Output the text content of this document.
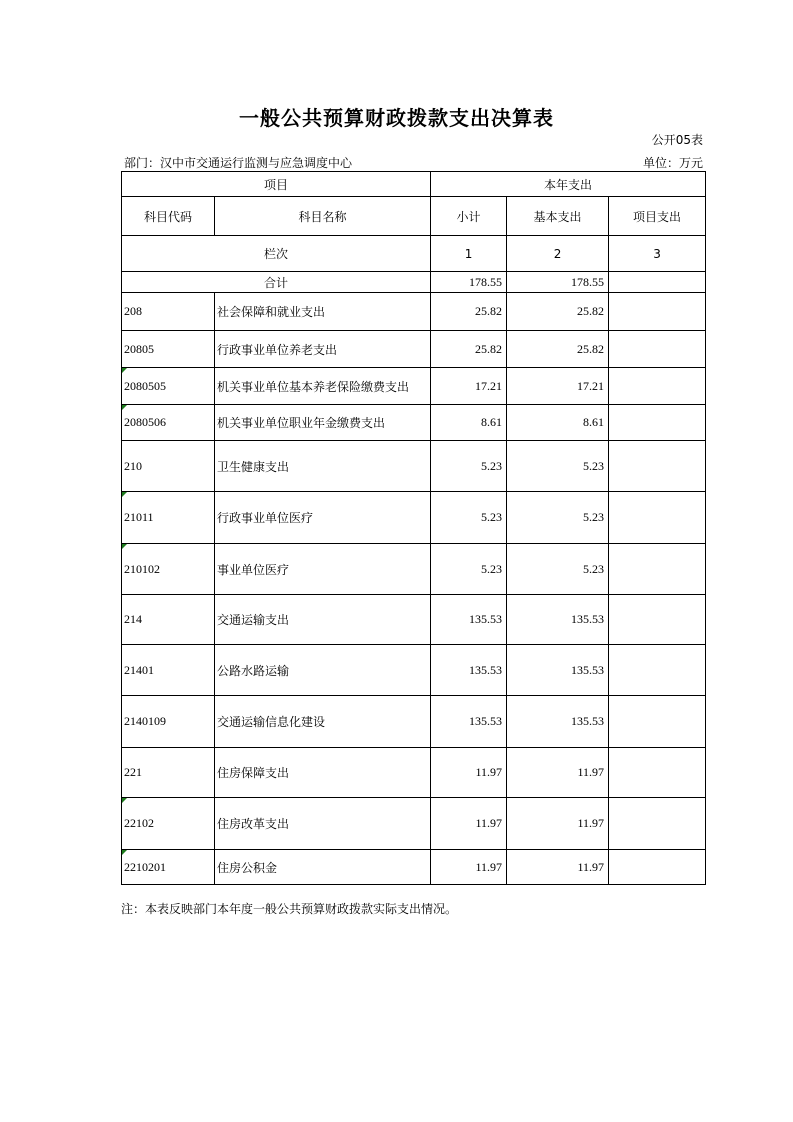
一般公共预算财政拨款支出决算表
公开05表
部门：汉中市交通运行监测与应急调度中心	单位：万元
项目		本年支出		
科目代码	科目名称	小计	基本支出	项目支出
栏次		1	2	3
合计		178.55	178.55	
208	社会保障和就业支出	25.82	25.82	
20805	行政事业单位养老支出	25.82	25.82	
2080505	机关事业单位基本养老保险缴费支出	17.21	17.21	
2080506	机关事业单位职业年金缴费支出	8.61	8.61	
210	卫生健康支出	5.23	5.23	
21011	行政事业单位医疗	5.23	5.23	
210102	事业单位医疗	5.23	5.23	
214	交通运输支出	135.53	135.53	
21401	公路水路运输	135.53	135.53	
2140109	交通运输信息化建设	135.53	135.53	
221	住房保障支出	11.97	11.97	
22102	住房改革支出	11.97	11.97	
2210201	住房公积金	11.97	11.97	
注：本表反映部门本年度一般公共预算财政拨款实际支出情况。
